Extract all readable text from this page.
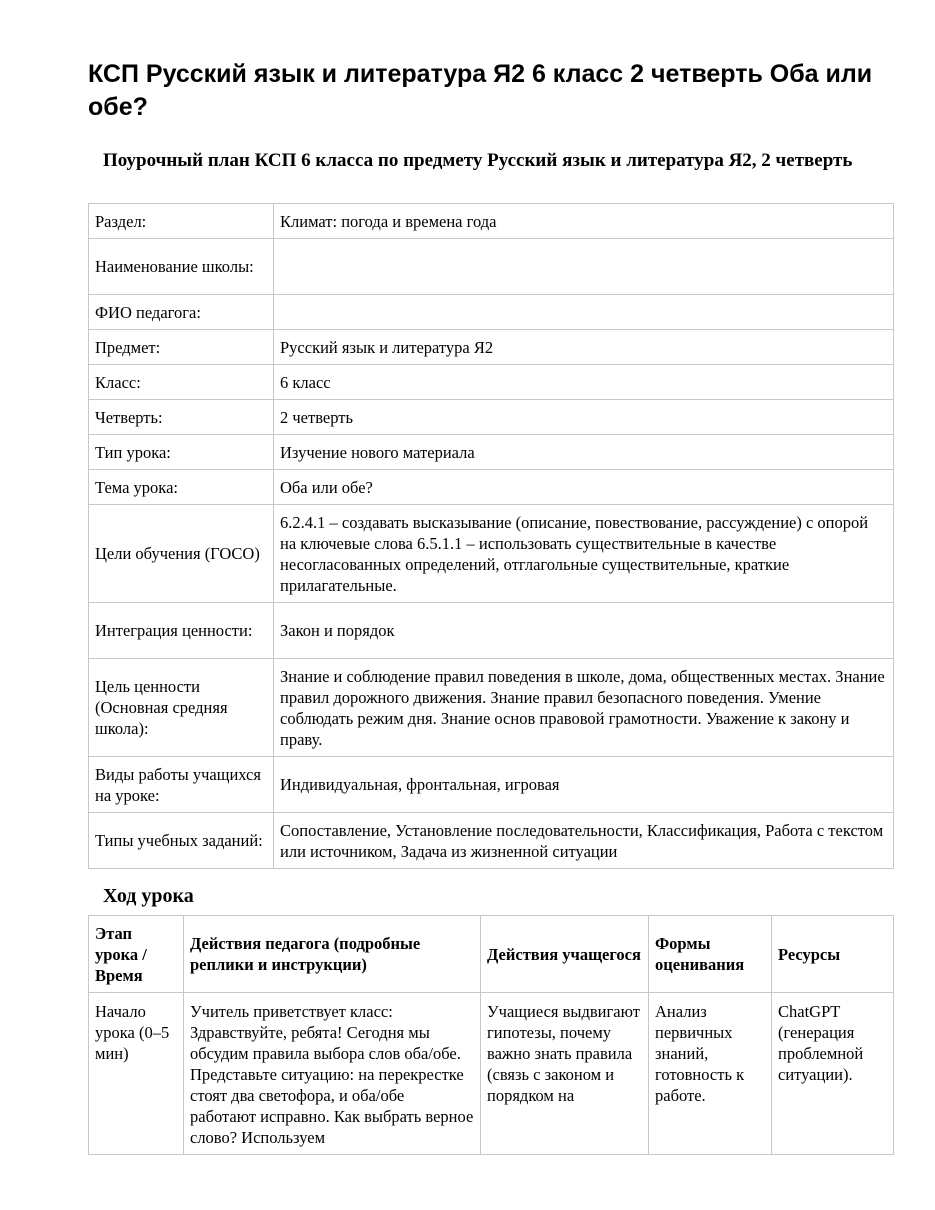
КСП Русский язык и литература Я2 6 класс 2 четверть Оба или обе?
Поурочный план КСП 6 класса по предмету Русский язык и литература Я2, 2 четверть
Раздел:	Климат: погода и времена года
Наименование школы:	
ФИО педагога:	
Предмет:	Русский язык и литература Я2
Класс:	6 класс
Четверть:	2 четверть
Тип урока:	Изучение нового материала
Тема урока:	Оба или обе?
Цели обучения (ГОСО)	6.2.4.1 – создавать высказывание (описание, повествование, рассуждение) с опорой на ключевые слова 6.5.1.1 – использовать существительные в качестве несогласованных определений, отглагольные существительные, краткие прилагательные.
Интеграция ценности:	Закон и порядок
Цель ценности (Основная средняя школа):	Знание и соблюдение правил поведения в школе, дома, общественных местах. Знание правил дорожного движения. Знание правил безопасного поведения. Умение соблюдать режим дня. Знание основ правовой грамотности. Уважение к закону и праву.
Виды работы учащихся на уроке:	Индивидуальная, фронтальная, игровая
Типы учебных заданий:	Сопоставление, Установление последовательности, Классификация, Работа с текстом или источником, Задача из жизненной ситуации
Ход урока
Этап урока / Время	Действия педагога (подробные реплики и инструкции)	Действия учащегося	Формы оценивания	Ресурсы
Начало урока (0–5 мин)	Учитель приветствует класс: Здравствуйте, ребята! Сегодня мы обсудим правила выбора слов оба/обе. Представьте ситуацию: на перекрестке стоят два светофора, и оба/обе работают исправно. Как выбрать верное слово? Используем	Учащиеся выдвигают гипотезы, почему важно знать правила (связь с законом и порядком на	Анализ первичных знаний, готовность к работе.	ChatGPT (генерация проблемной ситуации).
